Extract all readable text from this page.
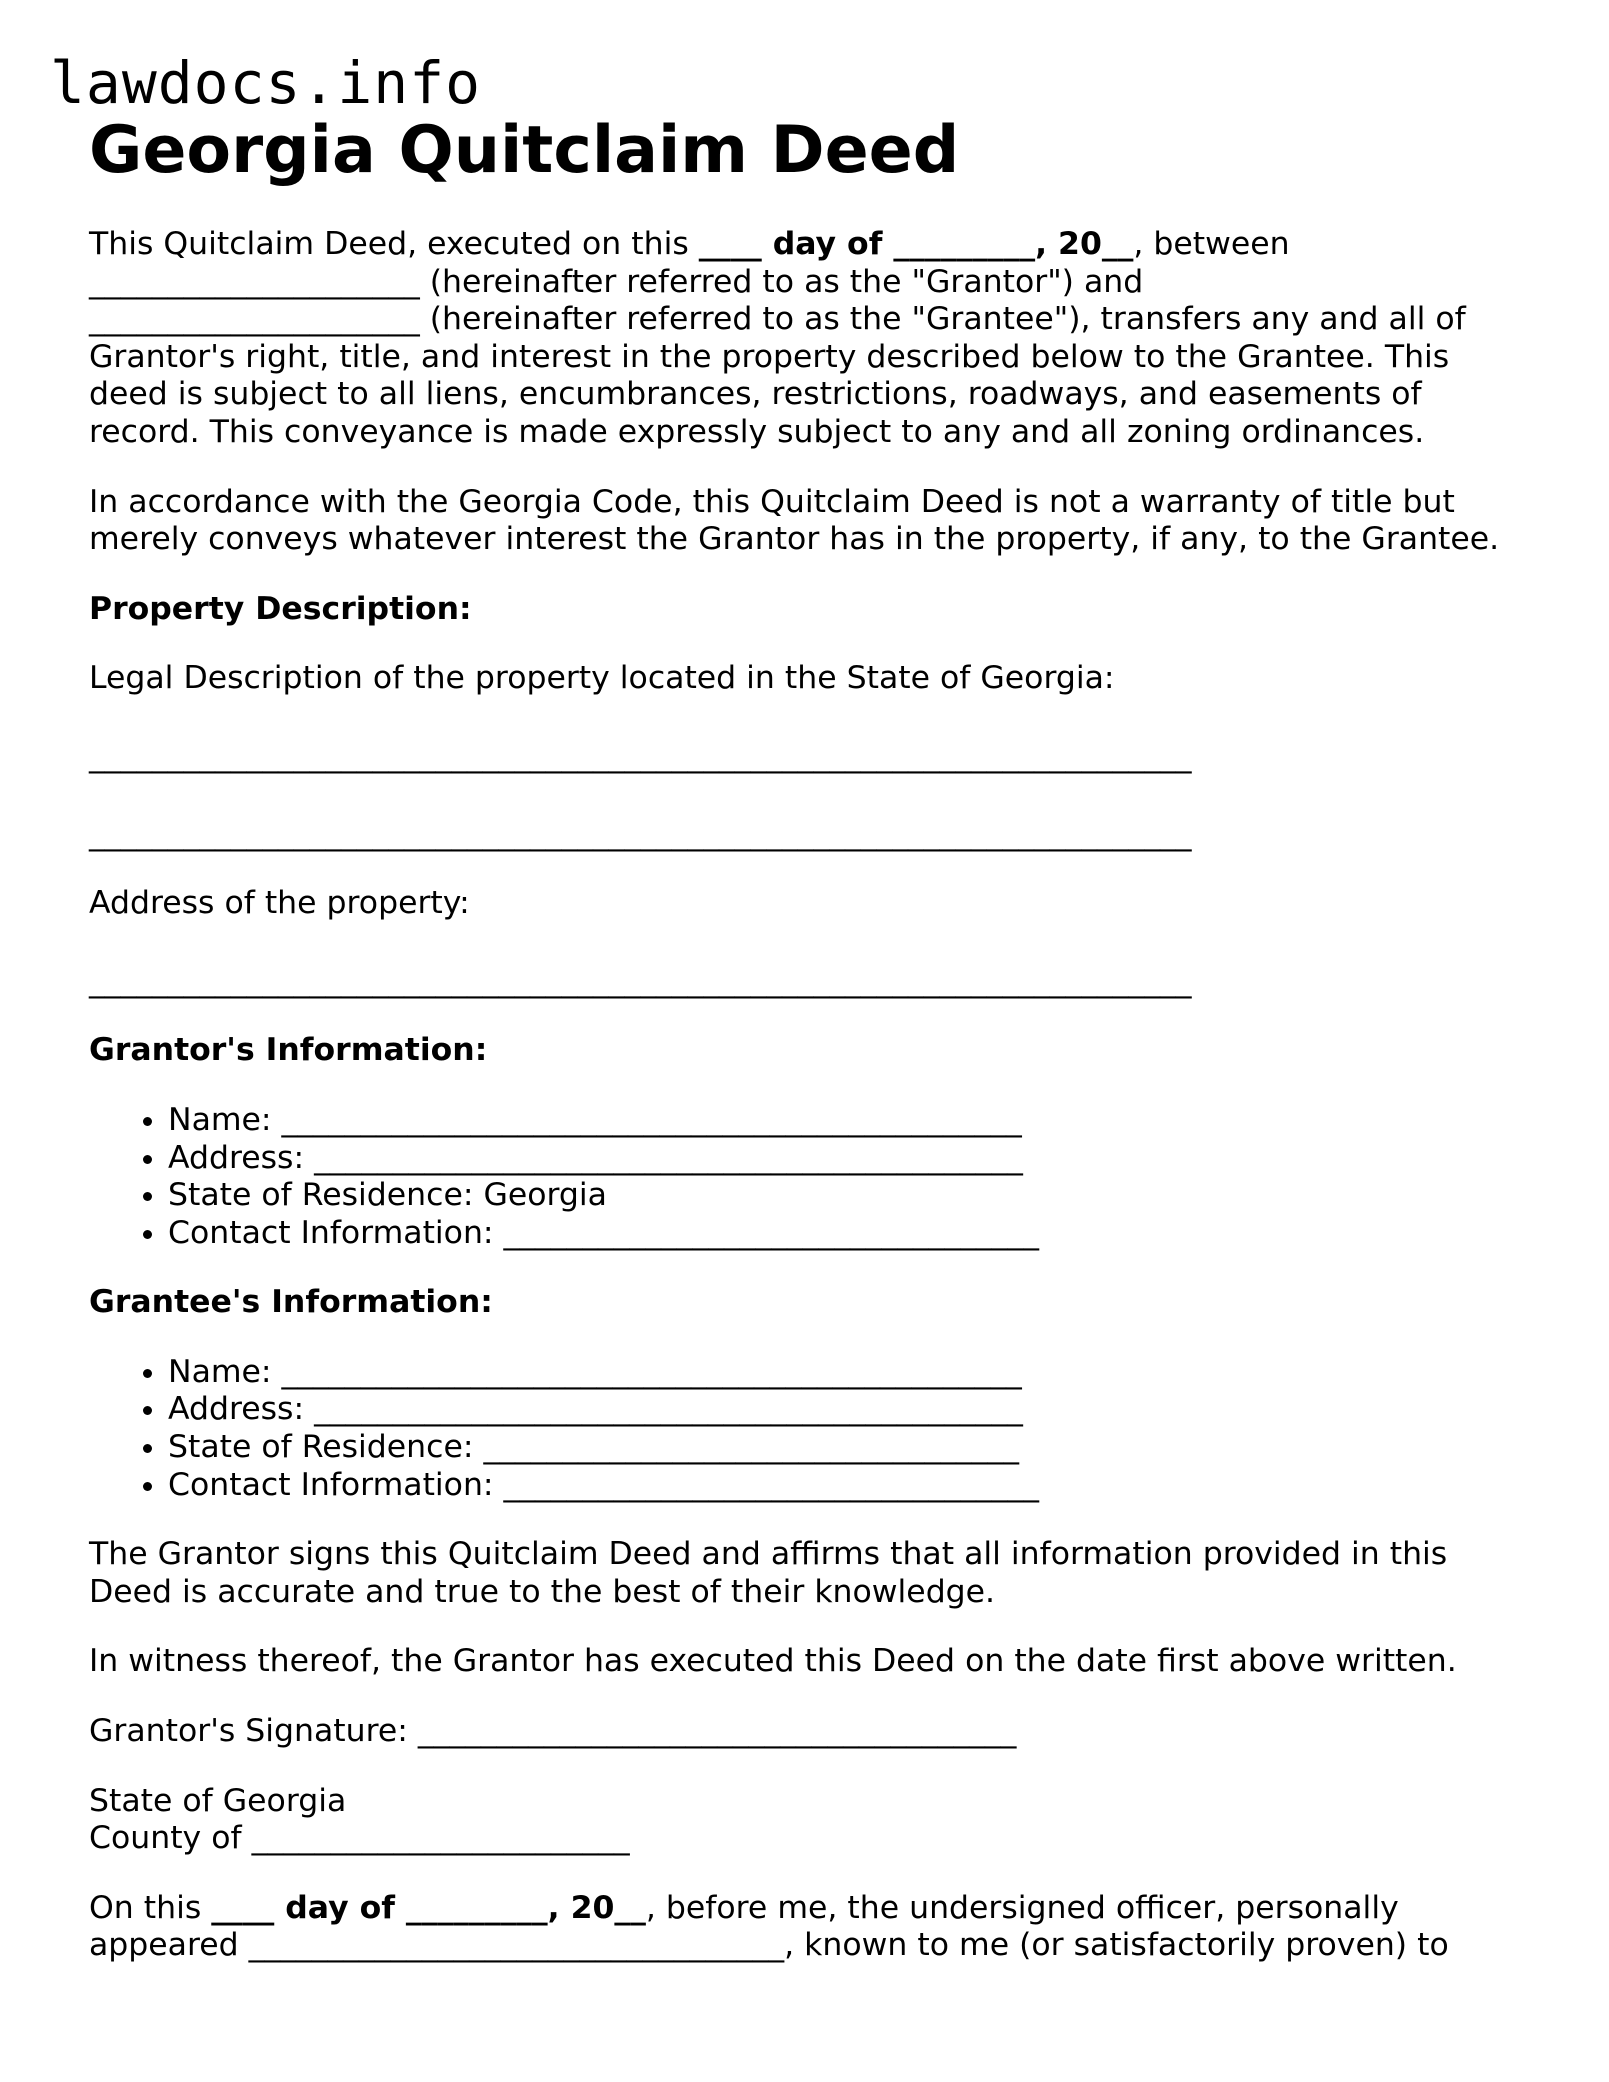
lawdocs.info
Georgia Quitclaim Deed

This Quitclaim Deed, executed on this ____ day of _________, 20__, between
_____________________ (hereinafter referred to as the "Grantor") and
_____________________ (hereinafter referred to as the "Grantee"), transfers any and all of
Grantor's right, title, and interest in the property described below to the Grantee. This deed is subject to all liens, encumbrances, restrictions, roadways, and easements of record. This conveyance is made expressly subject to any and all zoning ordinances.

In accordance with the Georgia Code, this Quitclaim Deed is not a warranty of title but merely conveys whatever interest the Grantor has in the property, if any, to the Grantee.

Property Description:

Legal Description of the property located in the State of Georgia:

______________________________________________________________________
______________________________________________________________________

Address of the property:

______________________________________________________________________
Grantor's Information:
• Name: _______________________________________________
• Address: _____________________________________________
• State of Residence: Georgia
• Contact Information: __________________________________
Grantee's Information:
• Name: _______________________________________________
• Address: _____________________________________________
• State of Residence: __________________________________
• Contact Information: __________________________________

The Grantor signs this Quitclaim Deed and affirms that all information provided in this Deed is accurate and true to the best of their knowledge.

In witness thereof, the Grantor has executed this Deed on the date first above written.

Grantor's Signature: ______________________________________

State of Georgia
County of ________________________

On this ____ day of _________, 20__, before me, the undersigned officer, personally
appeared __________________________________, known to me (or satisfactorily proven) to
